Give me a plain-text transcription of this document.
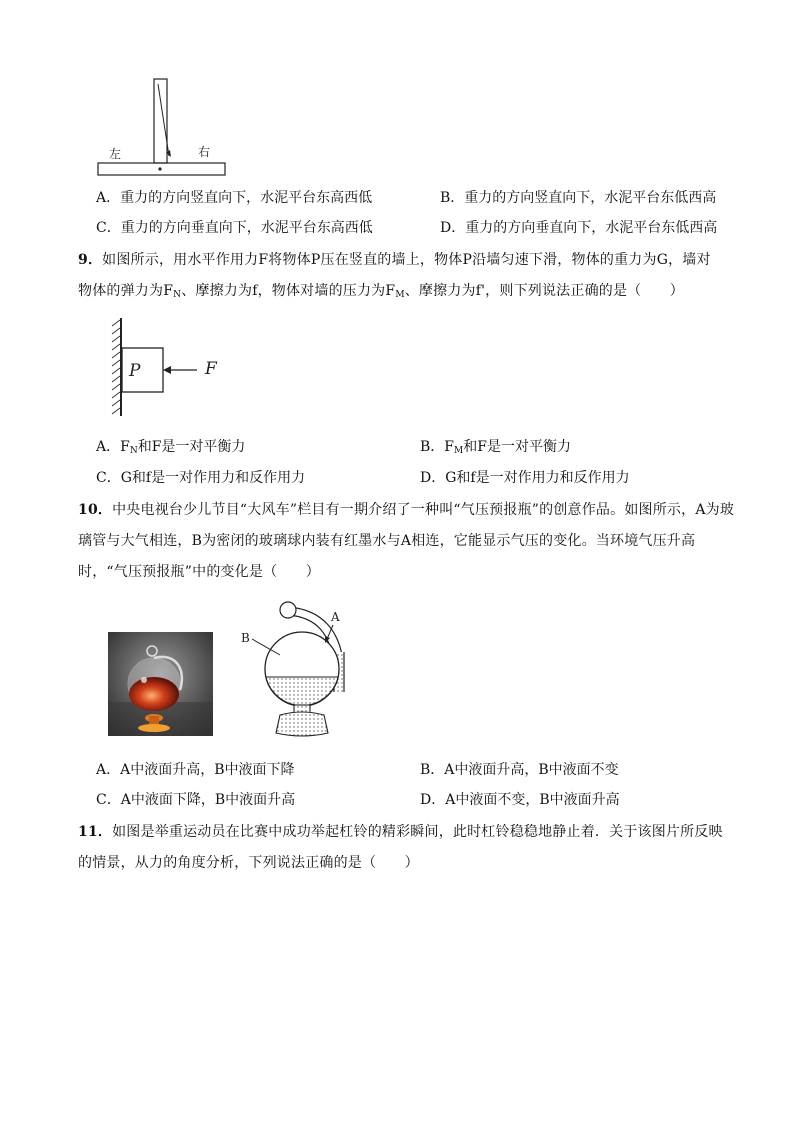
左	右
A．重力的方向竖直向下，水泥平台东高西低	B．重力的方向竖直向下，水泥平台东低西高
C．重力的方向垂直向下，水泥平台东高西低	D．重力的方向垂直向下，水泥平台东低西高
9．如图所示，用水平作用力F将物体P压在竖直的墙上，物体P沿墙匀速下滑，物体的重力为G，墙对
物体的弹力为$F_N$、摩擦力为f，物体对墙的压力为$F_M$、摩擦力为f'，则下列说法正确的是（　　）
P	F
A．$F_N$和F是一对平衡力	B．$F_M$和F是一对平衡力
C．G和f是一对作用力和反作用力	D．G和f是一对作用力和反作用力
10．中央电视台少儿节目“大风车”栏目有一期介绍了一种叫“气压预报瓶”的创意作品。如图所示，A为玻
璃管与大气相连，B为密闭的玻璃球内装有红墨水与A相连，它能显示气压的变化。当环境气压升高
时，“气压预报瓶”中的变化是（　　）
A
B
A．A中液面升高，B中液面下降	B．A中液面升高，B中液面不变
C．A中液面下降，B中液面升高	D．A中液面不变，B中液面升高
11．如图是举重运动员在比赛中成功举起杠铃的精彩瞬间，此时杠铃稳稳地静止着．关于该图片所反映
的情景，从力的角度分析，下列说法正确的是（　　）
